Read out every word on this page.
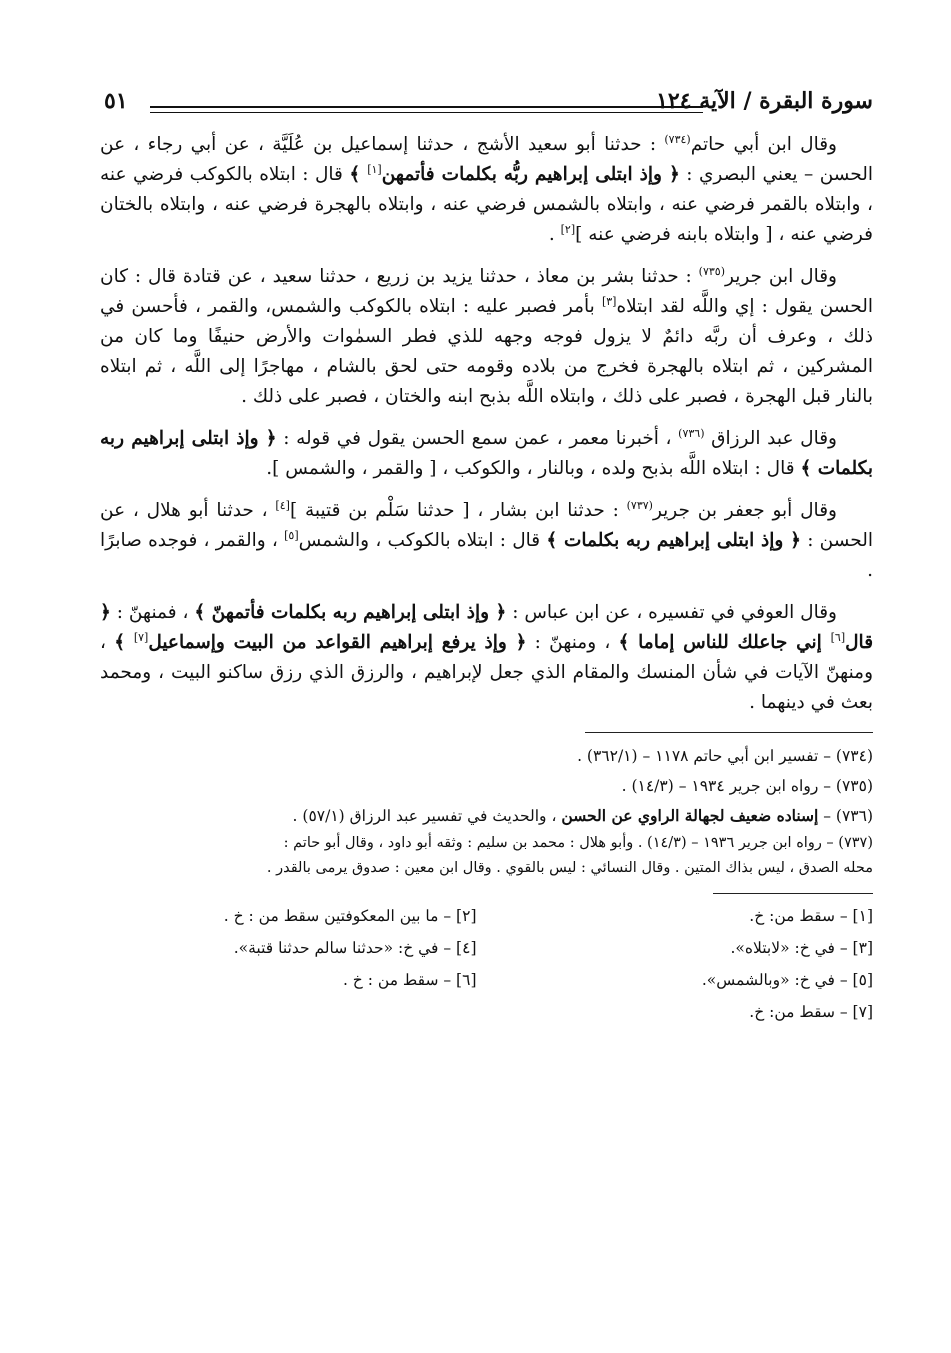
سورة البقرة / الآية ١٢٤
٥١

وقال ابن أبي حاتم$^{(٧٣٤)}$ : حدثنا أبو سعيد الأشج ، حدثنا إسماعيل بن عُلَيَّة ، عن أبي رجاء ، عن الحسن – يعني البصري : ﴿ وإذ ابتلى إبراهيم ربُّه بكلمات فأتمهن[١] ﴾ قال : ابتلاه بالكوكب فرضي عنه ، وابتلاه بالقمر فرضي عنه ، وابتلاه بالشمس فرضي عنه ، وابتلاه بالهجرة فرضي عنه ، وابتلاه بالختان فرضي عنه ، [ وابتلاه بابنه فرضي عنه ][٢] .

وقال ابن جرير$^{(٧٣٥)}$ : حدثنا بشر بن معاذ ، حدثنا يزيد بن زريع ، حدثنا سعيد ، عن قتادة قال : كان الحسن يقول : إي واللَّه لقد ابتلاه[٣] بأمر فصبر عليه : ابتلاه بالكوكب والشمس، والقمر ، فأحسن في ذلك ، وعرف أن ربَّه دائمٌ لا يزول فوجه وجهه للذي فطر السمٰوات والأرض حنيفًا وما كان من المشركين ، ثم ابتلاه بالهجرة فخرج من بلاده وقومه حتى لحق بالشام ، مهاجرًا إلى اللَّه ، ثم ابتلاه بالنار قبل الهجرة ، فصبر على ذلك ، وابتلاه اللَّه بذبح ابنه والختان ، فصبر على ذلك .

وقال عبد الرزاق $^{(٧٣٦)}$ ، أخبرنا معمر ، عمن سمع الحسن يقول في قوله : ﴿ وإذ ابتلى إبراهيم ربه بكلمات ﴾ قال : ابتلاه اللَّه بذبح ولده ، وبالنار ، والكوكب ، [ والقمر ، والشمس ].

وقال أبو جعفر بن جرير$^{(٧٣٧)}$ : حدثنا ابن بشار ، [ حدثنا سَلْم بن قتيبة ][٤] ، حدثنا أبو هلال ، عن الحسن : ﴿ وإذ ابتلى إبراهيم ربه بكلمات ﴾ قال : ابتلاه بالكوكب ، والشمس[٥] ، والقمر ، فوجده صابرًا .

وقال العوفي في تفسيره ، عن ابن عباس : ﴿ وإذ ابتلى إبراهيم ربه بكلمات فأتمهنّ ﴾ ، فمنهنّ : ﴿ قال[٦] إني جاعلك للناس إماما ﴾ ، ومنهنّ : ﴿ وإذ يرفع إبراهيم القواعد من البيت وإسماعيل[٧] ﴾ ، ومنهنّ الآيات في شأن المنسك والمقام الذي جعل لإبراهيم ، والرزق الذي رزق ساكنو البيت ، ومحمد بعث في دينهما .

(٧٣٤) – تفسير ابن أبي حاتم ١١٧٨ – (٣٦٢/١) .

(٧٣٥) – رواه ابن جرير ١٩٣٤ – (١٤/٣) .

(٧٣٦) – إسناده ضعيف لجهالة الراوي عن الحسن ، والحديث في تفسير عبد الرزاق (٥٧/١) .

(٧٣٧) – رواه ابن جرير ١٩٣٦ – (١٤/٣) . وأبو هلال : محمد بن سليم : وثقه أبو داود ، وقال أبو حاتم :

محله الصدق ، ليس بذاك المتين . وقال النسائي : ليس بالقوي . وقال ابن معين : صدوق يرمى بالقدر .

[١] – سقط من: خ.
[٢] – ما بين المعكوفتين سقط من : خ .
[٣] – في خ: «لابتلاه».
[٤] – في خ: «حدثنا سالم حدثنا قتبة».
[٥] – في خ: «وبالشمس».
[٦] – سقط من : خ .
[٧] – سقط من: خ.
